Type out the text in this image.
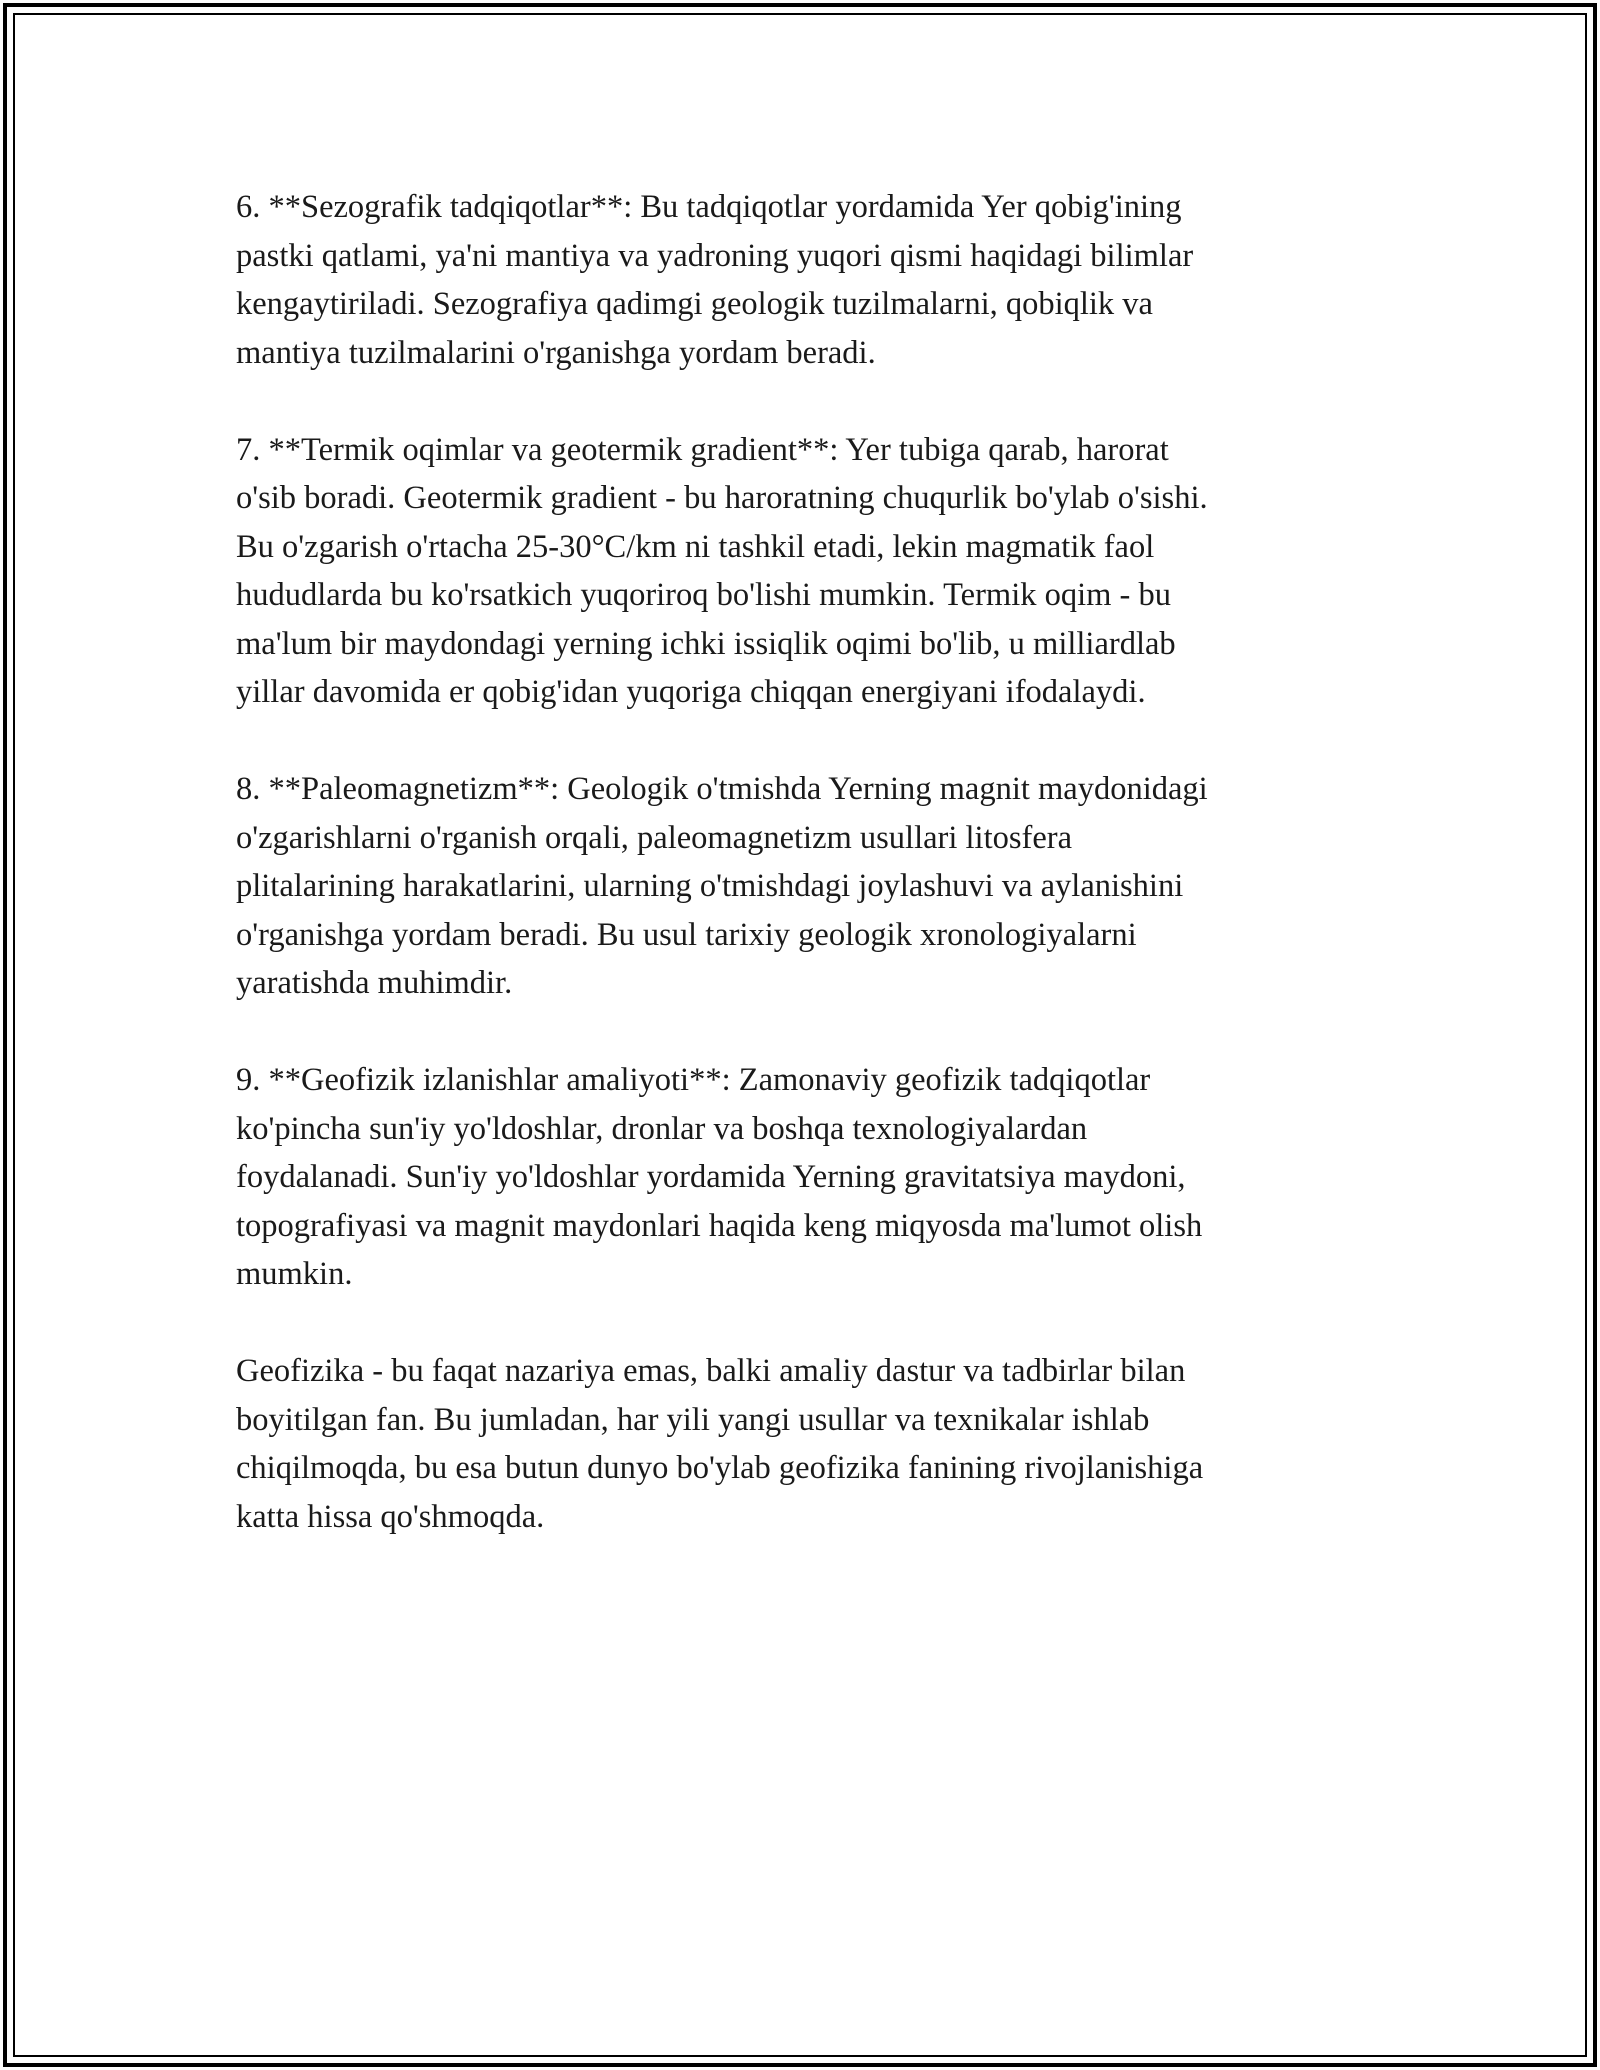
6. **Sezografik tadqiqotlar**: Bu tadqiqotlar yordamida Yer qobig'ining
pastki qatlami, ya'ni mantiya va yadroning yuqori qismi haqidagi bilimlar
kengaytiriladi. Sezografiya qadimgi geologik tuzilmalarni, qobiqlik va
mantiya tuzilmalarini o'rganishga yordam beradi.

7. **Termik oqimlar va geotermik gradient**: Yer tubiga qarab, harorat
o'sib boradi. Geotermik gradient - bu haroratning chuqurlik bo'ylab o'sishi.
Bu o'zgarish o'rtacha 25-30°C/km ni tashkil etadi, lekin magmatik faol
hududlarda bu ko'rsatkich yuqoriroq bo'lishi mumkin. Termik oqim - bu
ma'lum bir maydondagi yerning ichki issiqlik oqimi bo'lib, u milliardlab
yillar davomida er qobig'idan yuqoriga chiqqan energiyani ifodalaydi.

8. **Paleomagnetizm**: Geologik o'tmishda Yerning magnit maydonidagi
o'zgarishlarni o'rganish orqali, paleomagnetizm usullari litosfera
plitalarining harakatlarini, ularning o'tmishdagi joylashuvi va aylanishini
o'rganishga yordam beradi. Bu usul tarixiy geologik xronologiyalarni
yaratishda muhimdir.

9. **Geofizik izlanishlar amaliyoti**: Zamonaviy geofizik tadqiqotlar
ko'pincha sun'iy yo'ldoshlar, dronlar va boshqa texnologiyalardan
foydalanadi. Sun'iy yo'ldoshlar yordamida Yerning gravitatsiya maydoni,
topografiyasi va magnit maydonlari haqida keng miqyosda ma'lumot olish
mumkin.

Geofizika - bu faqat nazariya emas, balki amaliy dastur va tadbirlar bilan
boyitilgan fan. Bu jumladan, har yili yangi usullar va texnikalar ishlab
chiqilmoqda, bu esa butun dunyo bo'ylab geofizika fanining rivojlanishiga
katta hissa qo'shmoqda.
